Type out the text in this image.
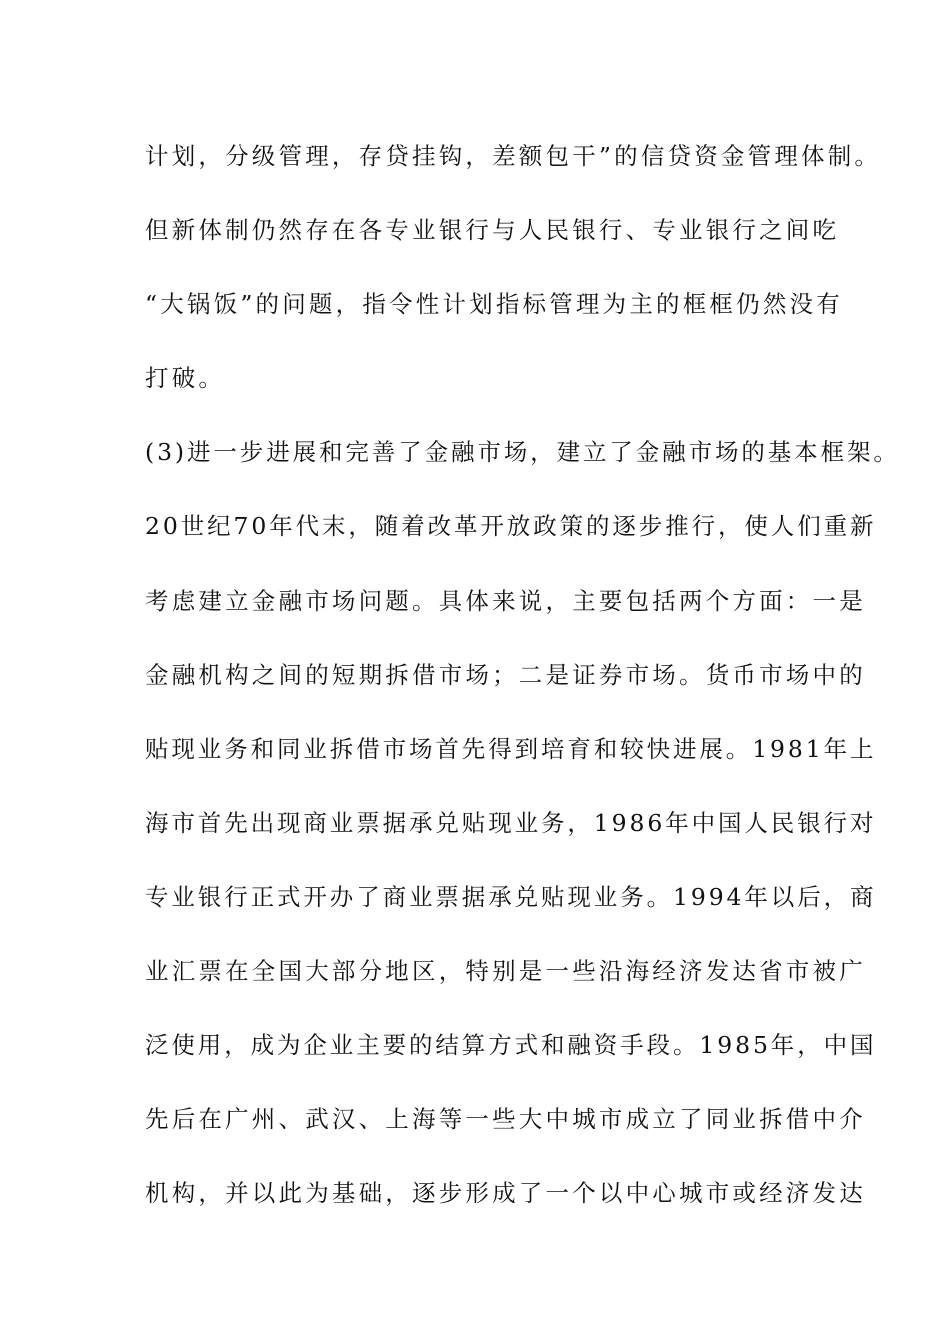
计划，分级管理，存贷挂钩，差额包干”的信贷资金管理体制。
但新体制仍然存在各专业银行与人民银行、专业银行之间吃
“大锅饭”的问题，指令性计划指标管理为主的框框仍然没有
打破。
(3)进一步进展和完善了金融市场，建立了金融市场的基本框架。
20世纪70年代末，随着改革开放政策的逐步推行，使人们重新
考虑建立金融市场问题。具体来说，主要包括两个方面：一是
金融机构之间的短期拆借市场；二是证券市场。货币市场中的
贴现业务和同业拆借市场首先得到培育和较快进展。1981年上
海市首先出现商业票据承兑贴现业务，1986年中国人民银行对
专业银行正式开办了商业票据承兑贴现业务。1994年以后，商
业汇票在全国大部分地区，特别是一些沿海经济发达省市被广
泛使用，成为企业主要的结算方式和融资手段。1985年，中国
先后在广州、武汉、上海等一些大中城市成立了同业拆借中介
机构，并以此为基础，逐步形成了一个以中心城市或经济发达
